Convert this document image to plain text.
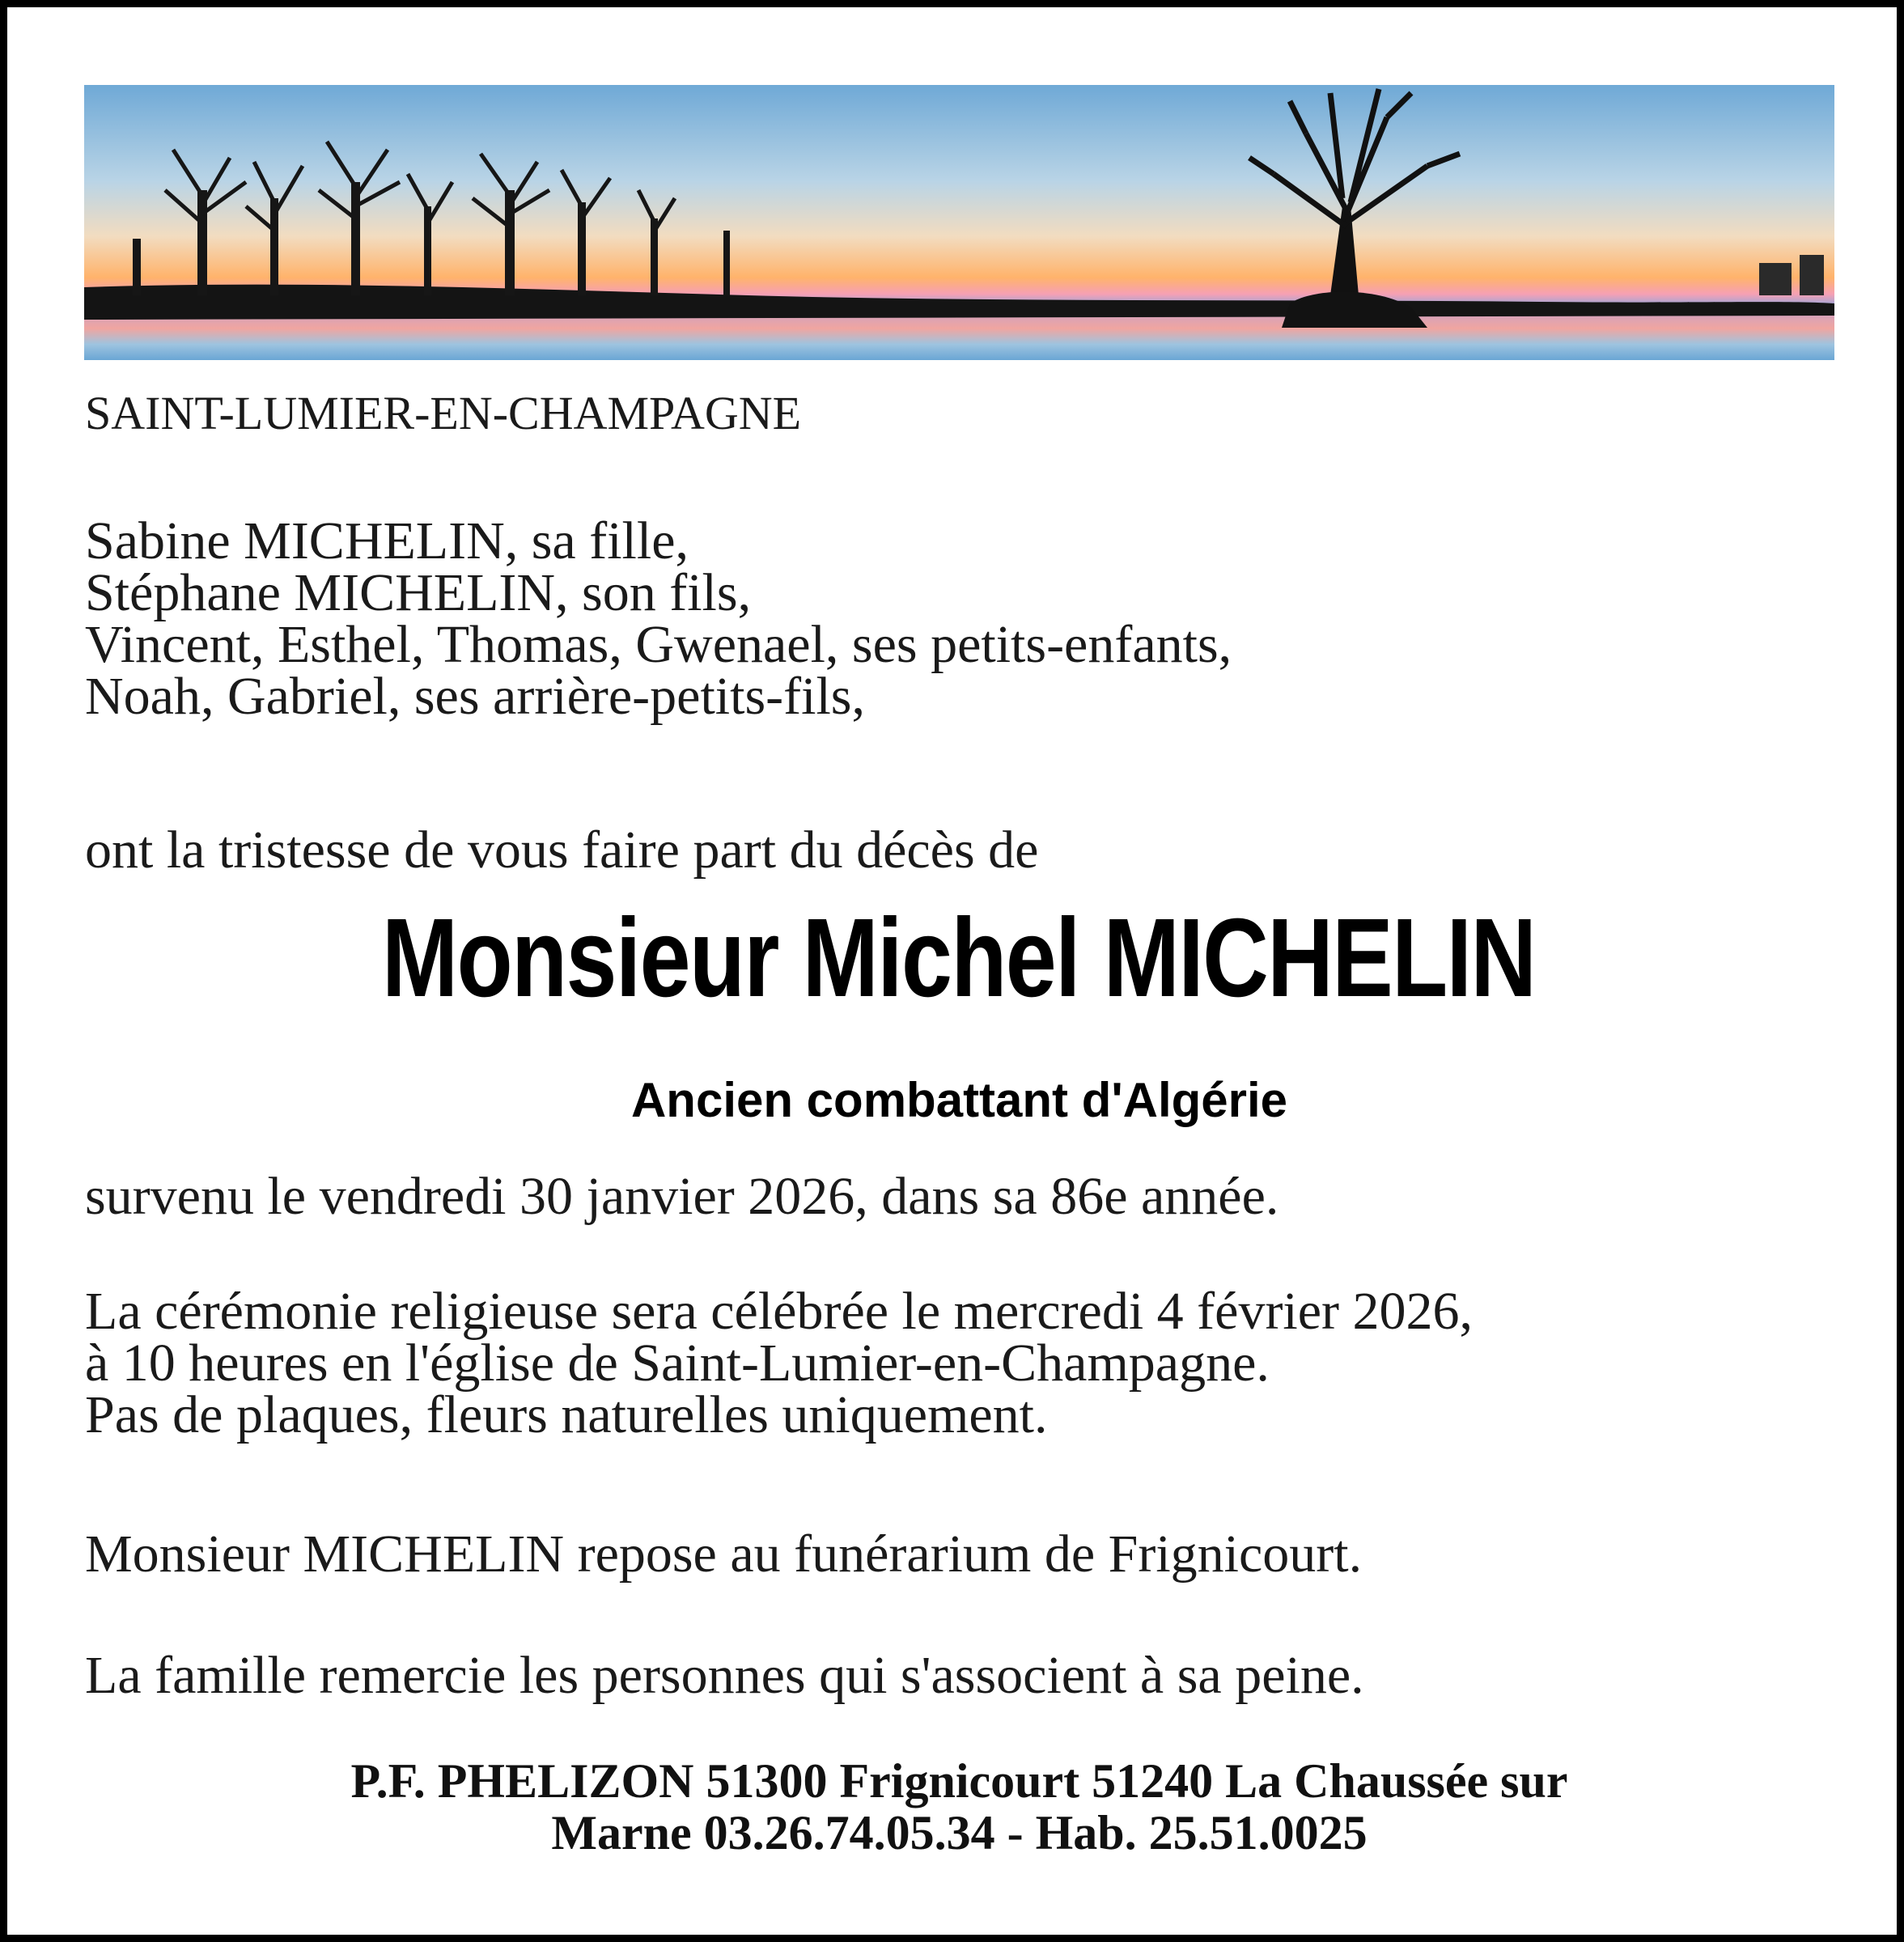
SAINT-LUMIER-EN-CHAMPAGNE
Sabine MICHELIN, sa fille,
Stéphane MICHELIN, son fils,
Vincent, Esthel, Thomas, Gwenael, ses petits-enfants,
Noah, Gabriel, ses arrière-petits-fils,
ont la tristesse de vous faire part du décès de
Monsieur Michel MICHELIN
Ancien combattant d'Algérie
survenu le vendredi 30 janvier 2026, dans sa 86e année.
La cérémonie religieuse sera célébrée le mercredi 4 février 2026,
à 10 heures en l'église de Saint-Lumier-en-Champagne.
Pas de plaques, fleurs naturelles uniquement.
Monsieur MICHELIN repose au funérarium de Frignicourt.
La famille remercie les personnes qui s'associent à sa peine.
P.F. PHELIZON 51300 Frignicourt 51240 La Chaussée sur
Marne 03.26.74.05.34 - Hab. 25.51.0025
